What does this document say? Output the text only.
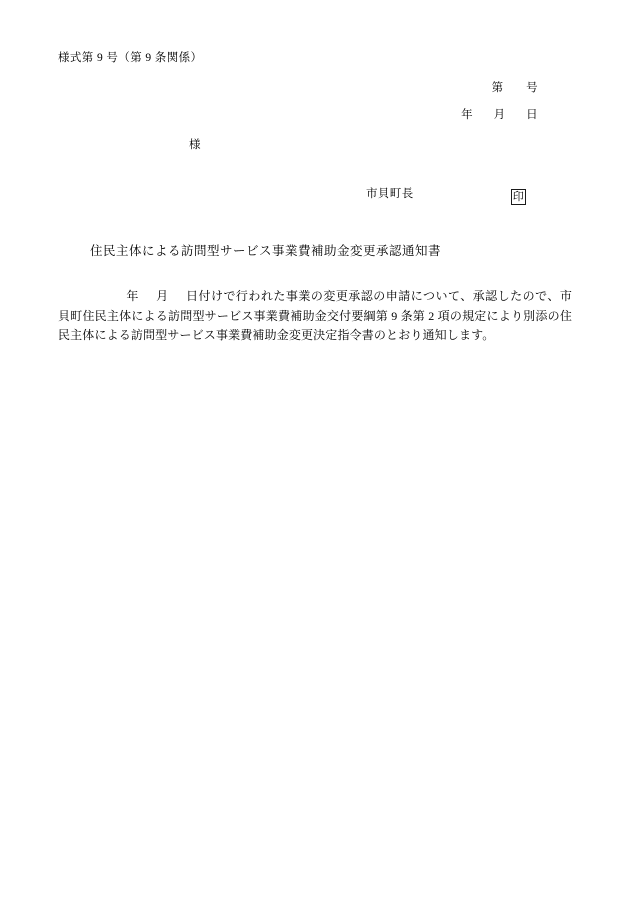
様式第 9 号（第 9 条関係）
第 号
年 月 日
様
市貝町長	印
住民主体による訪問型サービス事業費補助金変更承認通知書
年 月 日付けで行われた事業の変更承認の申請について、承認したので、市貝町住民主体による訪問型サービス事業費補助金交付要綱第 9 条第 2 項の規定により別添の住民主体による訪問型サービス事業費補助金変更決定指令書のとおり通知します。
